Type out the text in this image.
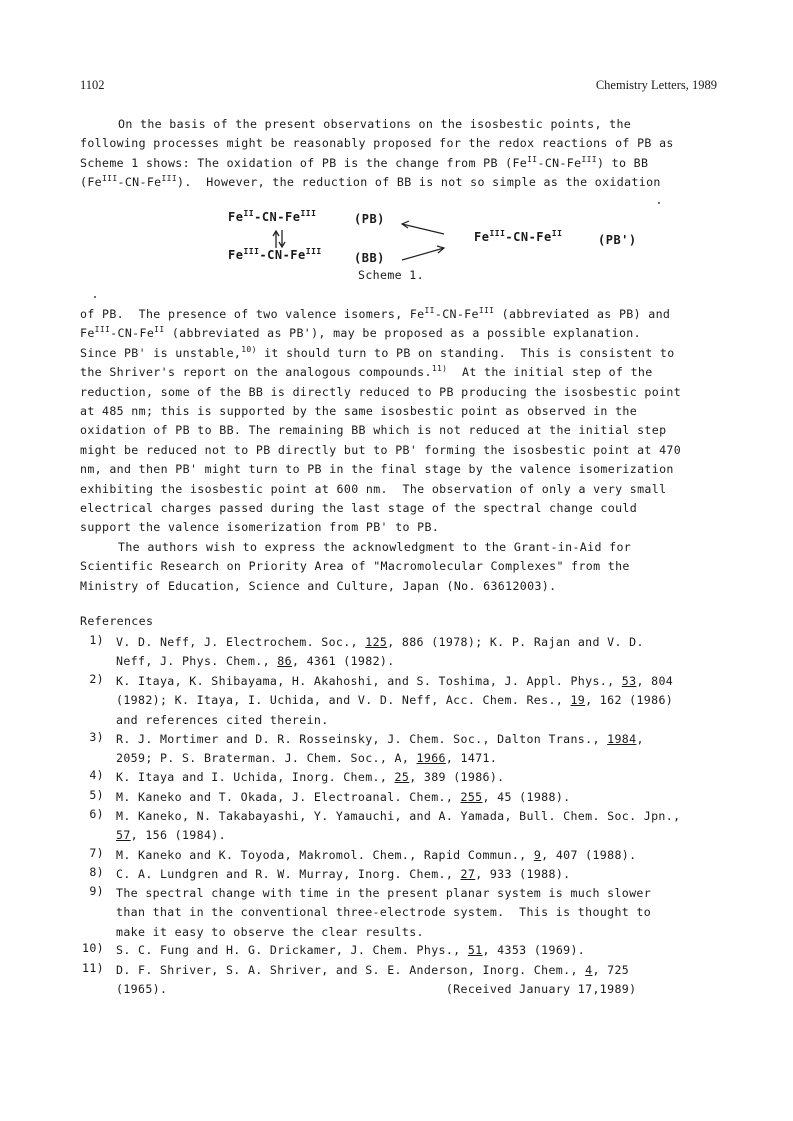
1102	Chemistry Letters, 1989
On the basis of the present observations on the isosbestic points, the
following processes might be reasonably proposed for the redox reactions of PB as
Scheme 1 shows: The oxidation of PB is the change from PB $(Fe^{II}-CN-Fe^{III})$ to BB
$(Fe^{III}-CN-Fe^{III})$.  However, the reduction of BB is not so simple as the oxidation
$Fe^{II}-CN-Fe^{III}$	(PB)
$Fe^{III}-CN-Fe^{III}$	(BB)
$Fe^{III}-CN-Fe^{II}$	(PB')
Scheme 1.
of PB.  The presence of two valence isomers, $Fe^{II}-CN-Fe^{III}$ (abbreviated as PB) and
$Fe^{III}-CN-Fe^{II}$ (abbreviated as PB'), may be proposed as a possible explanation.
Since PB' is unstable,$^{10)}$ it should turn to PB on standing.  This is consistent to
the Shriver's report on the analogous compounds.$^{11)}$  At the initial step of the
reduction, some of the BB is directly reduced to PB producing the isosbestic point
at 485 nm; this is supported by the same isosbestic point as observed in the
oxidation of PB to BB. The remaining BB which is not reduced at the initial step
might be reduced not to PB directly but to PB' forming the isosbestic point at 470
nm, and then PB' might turn to PB in the final stage by the valence isomerization
exhibiting the isosbestic point at 600 nm.  The observation of only a very small
electrical charges passed during the last stage of the spectral change could
support the valence isomerization from PB' to PB.
The authors wish to express the acknowledgment to the Grant-in-Aid for
Scientific Research on Priority Area of "Macromolecular Complexes" from the
Ministry of Education, Science and Culture, Japan (No. 63612003).
References
1) V. D. Neff, J. Electrochem. Soc., 125, 886 (1978); K. P. Rajan and V. D.
Neff, J. Phys. Chem., 86, 4361 (1982).
2) K. Itaya, K. Shibayama, H. Akahoshi, and S. Toshima, J. Appl. Phys., 53, 804
(1982); K. Itaya, I. Uchida, and V. D. Neff, Acc. Chem. Res., 19, 162 (1986)
and references cited therein.
3) R. J. Mortimer and D. R. Rosseinsky, J. Chem. Soc., Dalton Trans., 1984,
2059; P. S. Braterman. J. Chem. Soc., A, 1966, 1471.
4) K. Itaya and I. Uchida, Inorg. Chem., 25, 389 (1986).
5) M. Kaneko and T. Okada, J. Electroanal. Chem., 255, 45 (1988).
6) M. Kaneko, N. Takabayashi, Y. Yamauchi, and A. Yamada, Bull. Chem. Soc. Jpn.,
57, 156 (1984).
7) M. Kaneko and K. Toyoda, Makromol. Chem., Rapid Commun., 9, 407 (1988).
8) C. A. Lundgren and R. W. Murray, Inorg. Chem., 27, 933 (1988).
9) The spectral change with time in the present planar system is much slower
than that in the conventional three-electrode system.  This is thought to
make it easy to observe the clear results.
10) S. C. Fung and H. G. Drickamer, J. Chem. Phys., 51, 4353 (1969).
11) D. F. Shriver, S. A. Shriver, and S. E. Anderson, Inorg. Chem., 4, 725
(1965).                                      (Received January 17,1989)
